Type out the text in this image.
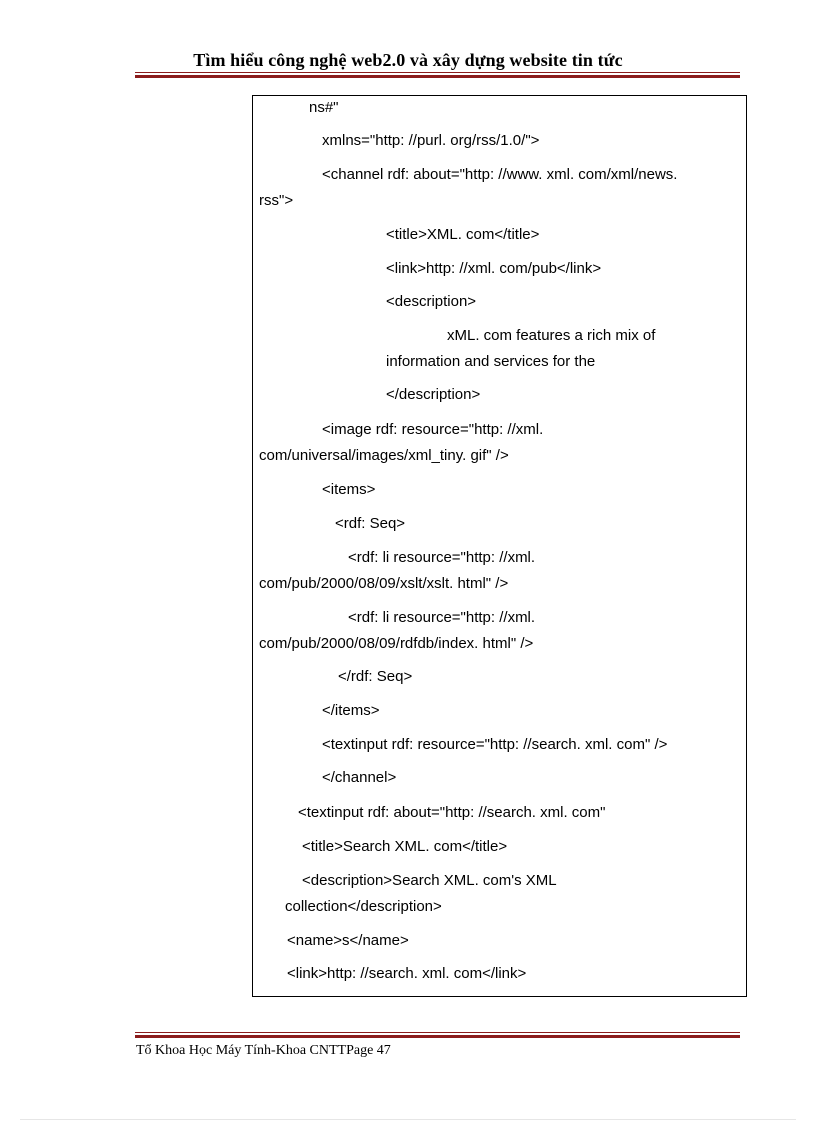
Tìm hiểu công nghệ web2.0 và xây dựng website tin tức
ns#"
xmlns="http: //purl. org/rss/1.0/">
<channel rdf: about="http: //www. xml. com/xml/news.
rss">
<title>XML. com</title>
<link>http: //xml. com/pub</link>
<description>
xML. com features a rich mix of
information and services for the
</description>
<image rdf: resource="http: //xml.
com/universal/images/xml_tiny. gif" />
<items>
<rdf: Seq>
<rdf: li resource="http: //xml.
com/pub/2000/08/09/xslt/xslt. html" />
<rdf: li resource="http: //xml.
com/pub/2000/08/09/rdfdb/index. html" />
</rdf: Seq>
</items>
<textinput rdf: resource="http: //search. xml. com" />
</channel>
<textinput rdf: about="http: //search. xml. com"
<title>Search XML. com</title>
<description>Search XML. com's XML
collection</description>
<name>s</name>
<link>http: //search. xml. com</link>
Tổ Khoa Học Máy Tính-Khoa CNTTPage 47
